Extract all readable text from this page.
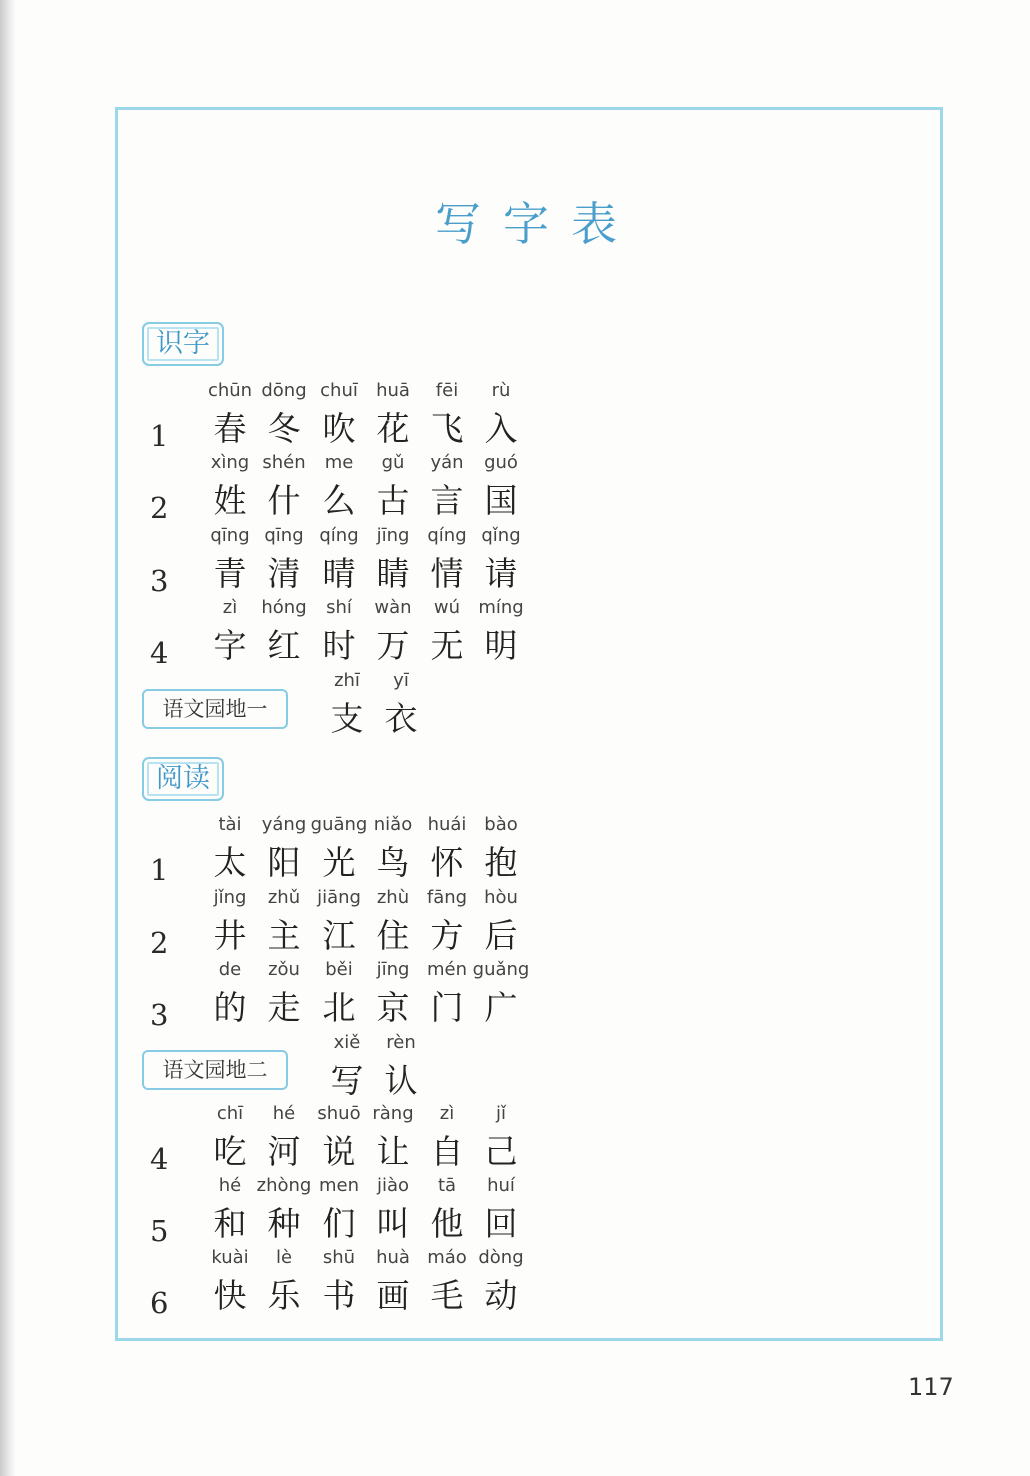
写字表
识字
阅读
语文园地一
语文园地二
1
chūn
春
dōng
冬
chuī
吹
huā
花
fēi
飞
rù
入
2
xìng
姓
shén
什
me
么
gǔ
古
yán
言
guó
国
3
qīng
青
qīng
清
qíng
晴
jīng
睛
qíng
情
qǐng
请
4
zì
字
hóng
红
shí
时
wàn
万
wú
无
míng
明
zhī
支
yī
衣
1
tài
太
yáng
阳
guāng
光
niǎo
鸟
huái
怀
bào
抱
2
jǐng
井
zhǔ
主
jiāng
江
zhù
住
fāng
方
hòu
后
3
de
的
zǒu
走
běi
北
jīng
京
mén
门
guǎng
广
xiě
写
rèn
认
4
chī
吃
hé
河
shuō
说
ràng
让
zì
自
jǐ
己
5
hé
和
zhòng
种
men
们
jiào
叫
tā
他
huí
回
6
kuài
快
lè
乐
shū
书
huà
画
máo
毛
dòng
动
117
